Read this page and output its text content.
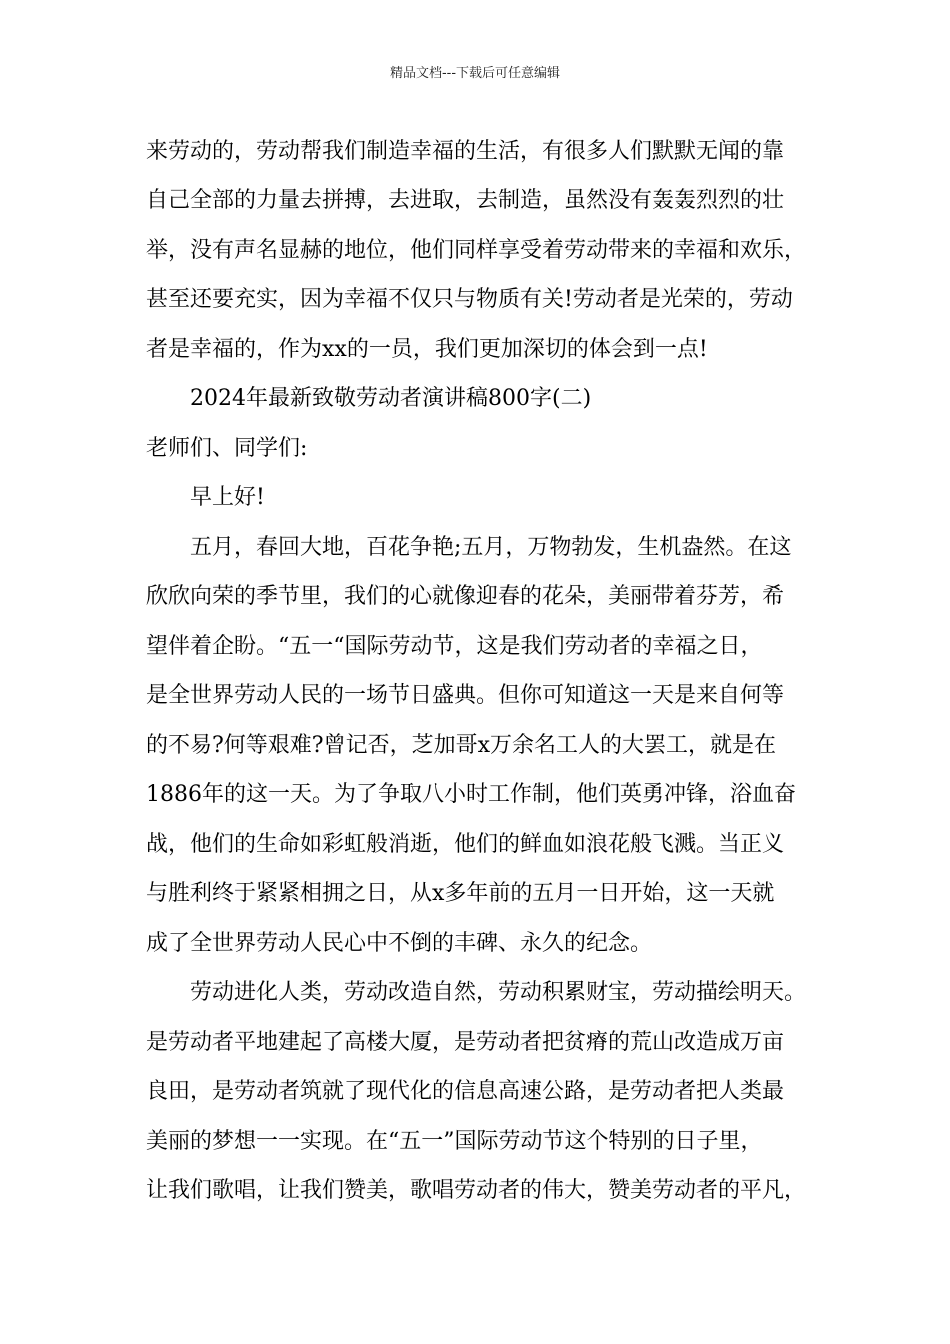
精品文档---下载后可任意编辑
来劳动的，劳动帮我们制造幸福的生活，有很多人们默默无闻的靠
自己全部的力量去拼搏，去进取，去制造，虽然没有轰轰烈烈的壮
举，没有声名显赫的地位，他们同样享受着劳动带来的幸福和欢乐，
甚至还要充实，因为幸福不仅只与物质有关!劳动者是光荣的，劳动
者是幸福的，作为xx的一员，我们更加深切的体会到一点!
2024年最新致敬劳动者演讲稿800字(二)
老师们、同学们:
早上好!
五月，春回大地，百花争艳;五月，万物勃发，生机盎然。在这
欣欣向荣的季节里，我们的心就像迎春的花朵，美丽带着芬芳，希
望伴着企盼。“五一“国际劳动节，这是我们劳动者的幸福之日，
是全世界劳动人民的一场节日盛典。但你可知道这一天是来自何等
的不易?何等艰难?曾记否，芝加哥x万余名工人的大罢工，就是在
1886年的这一天。为了争取八小时工作制，他们英勇冲锋，浴血奋
战，他们的生命如彩虹般消逝，他们的鲜血如浪花般飞溅。当正义
与胜利终于紧紧相拥之日，从x多年前的五月一日开始，这一天就
成了全世界劳动人民心中不倒的丰碑、永久的纪念。
劳动进化人类，劳动改造自然，劳动积累财宝，劳动描绘明天。
是劳动者平地建起了高楼大厦，是劳动者把贫瘠的荒山改造成万亩
良田，是劳动者筑就了现代化的信息高速公路，是劳动者把人类最
美丽的梦想一一实现。在“五一”国际劳动节这个特别的日子里，
让我们歌唱，让我们赞美，歌唱劳动者的伟大，赞美劳动者的平凡，
